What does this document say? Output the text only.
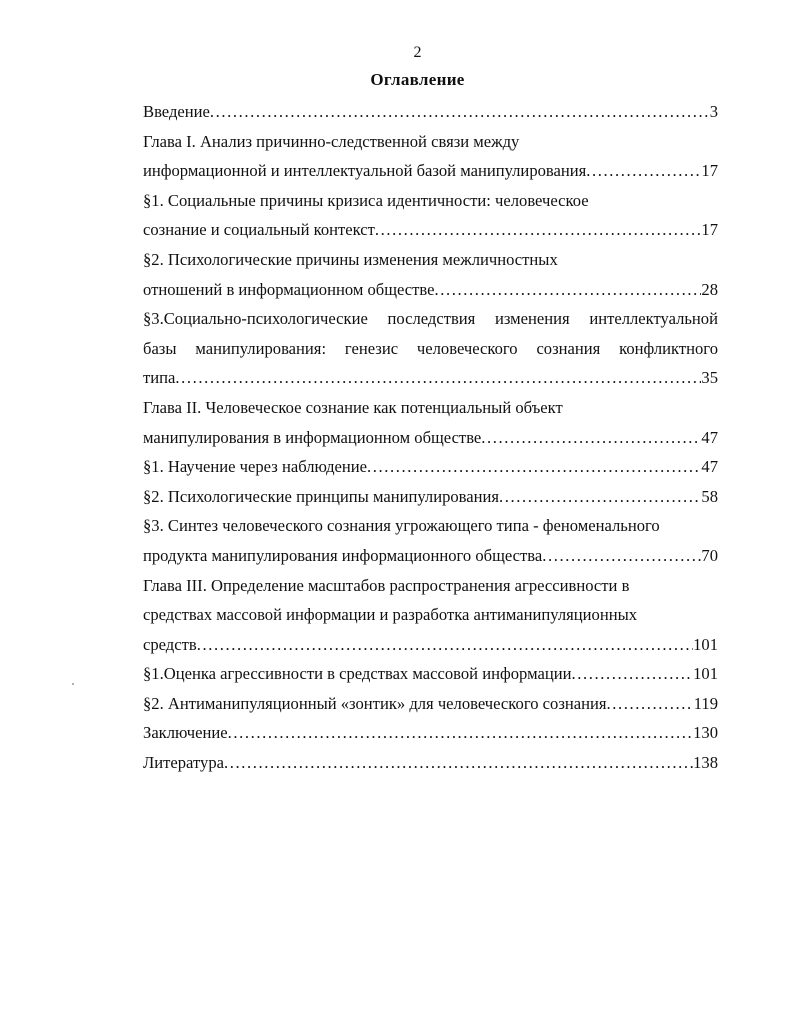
2
Оглавление
Введение .....	3
Глава I. Анализ причинно-следственной связи между
информационной и интеллектуальной базой манипулирования .....	17
§1. Социальные причины кризиса идентичности: человеческое
сознание и социальный контекст .....	17
§2. Психологические причины изменения межличностных
отношений в информационном обществе .....	28
§3.Социально-психологические последствия изменения интеллектуальной
базы манипулирования: генезис человеческого сознания конфликтного
типа .....	35
Глава II. Человеческое сознание как потенциальный объект
манипулирования в информационном обществе .....	47
§1. Научение через наблюдение .....	47
§2. Психологические принципы манипулирования .....	58
§3. Синтез человеческого сознания угрожающего типа - феноменального
продукта манипулирования информационного общества .....	70
Глава III. Определение масштабов распространения агрессивности в
средствах массовой информации и разработка антиманипуляционных
средств .....	101
§1.Оценка агрессивности в средствах массовой информации .....	101
§2. Антиманипуляционный «зонтик» для человеческого сознания .....	119
Заключение .....	130
Литература .....	138
